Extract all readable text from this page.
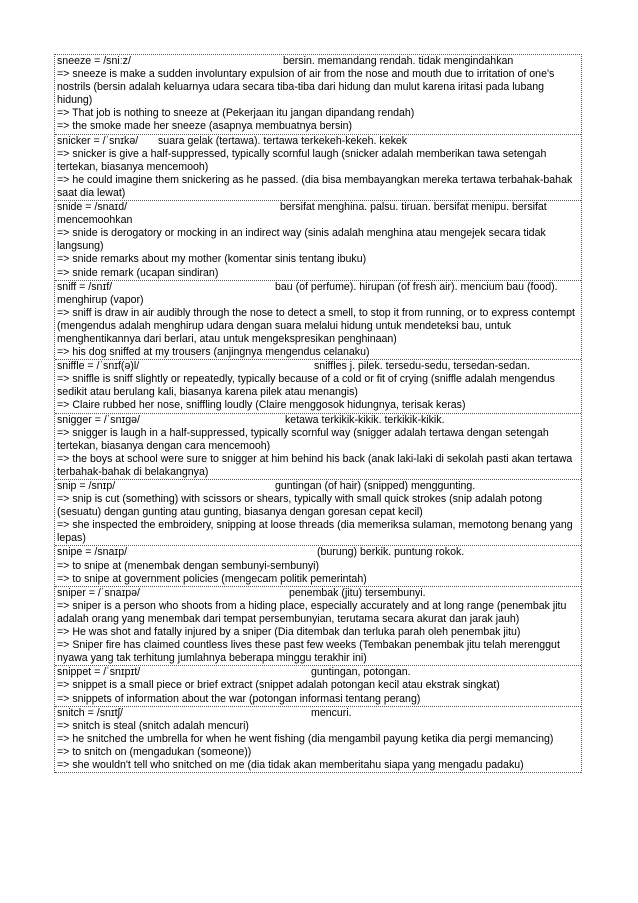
sneeze = /sniːz/	bersin. memandang rendah. tidak mengindahkan
=> sneeze is make a sudden involuntary expulsion of air from the nose and mouth due to irritation of one's nostrils (bersin adalah keluarnya udara secara tiba-tiba dari hidung dan mulut karena iritasi pada lubang hidung)
=> That job is nothing to sneeze at (Pekerjaan itu jangan dipandang rendah)
=> the smoke made her sneeze (asapnya membuatnya bersin)
snicker = /ˈsnɪkə/ suara gelak (tertawa). tertawa terkekeh-kekeh. kekek
=> snicker is give a half-suppressed, typically scornful laugh (snicker adalah memberikan tawa setengah tertekan, biasanya mencemooh)
=> he could imagine them snickering as he passed. (dia bisa membayangkan mereka tertawa terbahak-bahak saat dia lewat)
snide = /snaɪd/	bersifat menghina. palsu. tiruan. bersifat menipu. bersifat
mencemoohkan
=> snide is derogatory or mocking in an indirect way (sinis adalah menghina atau mengejek secara tidak langsung)
=> snide remarks about my mother (komentar sinis tentang ibuku)
=> snide remark (ucapan sindiran)
sniff = /snɪf/	bau (of perfume). hirupan (of fresh air). mencium bau (food).
menghirup (vapor)
=> sniff is draw in air audibly through the nose to detect a smell, to stop it from running, or to express contempt (mengendus adalah menghirup udara dengan suara melalui hidung untuk mendeteksi bau, untuk menghentikannya dari berlari, atau untuk mengekspresikan penghinaan)
=> his dog sniffed at my trousers (anjingnya mengendus celanaku)
sniffle = /ˈsnɪf(ə)l/	sniffles j. pilek. tersedu-sedu, tersedan-sedan.
=> sniffle is sniff slightly or repeatedly, typically because of a cold or fit of crying (sniffle adalah mengendus sedikit atau berulang kali, biasanya karena pilek atau menangis)
=> Claire rubbed her nose, sniffling loudly (Claire menggosok hidungnya, terisak keras)
snigger = /ˈsnɪɡə/	ketawa terkikik-kikik. terkikik-kikik.
=> snigger is laugh in a half-suppressed, typically scornful way (snigger adalah tertawa dengan setengah tertekan, biasanya dengan cara mencemooh)
=> the boys at school were sure to snigger at him behind his back (anak laki-laki di sekolah pasti akan tertawa terbahak-bahak di belakangnya)
snip = /snɪp/	guntingan (of hair) (snipped) menggunting.
=> snip is cut (something) with scissors or shears, typically with small quick strokes (snip adalah potong (sesuatu) dengan gunting atau gunting, biasanya dengan goresan cepat kecil)
=> she inspected the embroidery, snipping at loose threads (dia memeriksa sulaman, memotong benang yang lepas)
snipe = /snaɪp/	(burung) berkik. puntung rokok.
=> to snipe at (menembak dengan sembunyi-sembunyi)
=> to snipe at government policies (mengecam politik pemerintah)
sniper = /ˈsnaɪpə/	penembak (jitu) tersembunyi.
=> sniper is a person who shoots from a hiding place, especially accurately and at long range (penembak jitu adalah orang yang menembak dari tempat persembunyian, terutama secara akurat dan jarak jauh)
=> He was shot and fatally injured by a sniper (Dia ditembak dan terluka parah oleh penembak jitu)
=> Sniper fire has claimed countless lives these past few weeks (Tembakan penembak jitu telah merenggut nyawa yang tak terhitung jumlahnya beberapa minggu terakhir ini)
snippet = /ˈsnɪpɪt/	guntingan, potongan.
=> snippet is a small piece or brief extract (snippet adalah potongan kecil atau ekstrak singkat)
=> snippets of information about the war (potongan informasi tentang perang)
snitch = /snɪtʃ/	mencuri.
=> snitch is steal (snitch adalah mencuri)
=> he snitched the umbrella for when he went fishing (dia mengambil payung ketika dia pergi memancing)
=> to snitch on (mengadukan (someone))
=> she wouldn't tell who snitched on me (dia tidak akan memberitahu siapa yang mengadu padaku)
